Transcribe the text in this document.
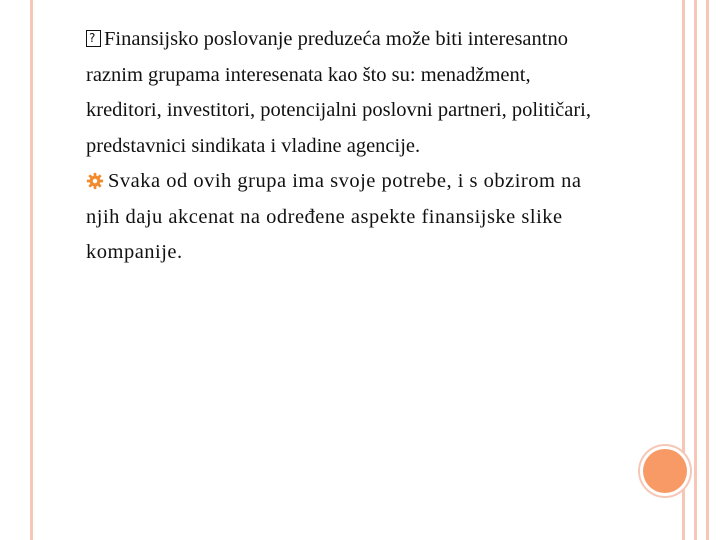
?Finansijsko poslovanje preduzeća može biti interesantno raznim grupama interesenata kao što su: menadžment, kreditori, investitori, potencijalni poslovni partneri, političari, predstavnici sindikata i vladine agencije.

Svaka od ovih grupa ima svoje potrebe, i s obzirom na njih daju akcenat na određene aspekte finansijske slike kompanije.
